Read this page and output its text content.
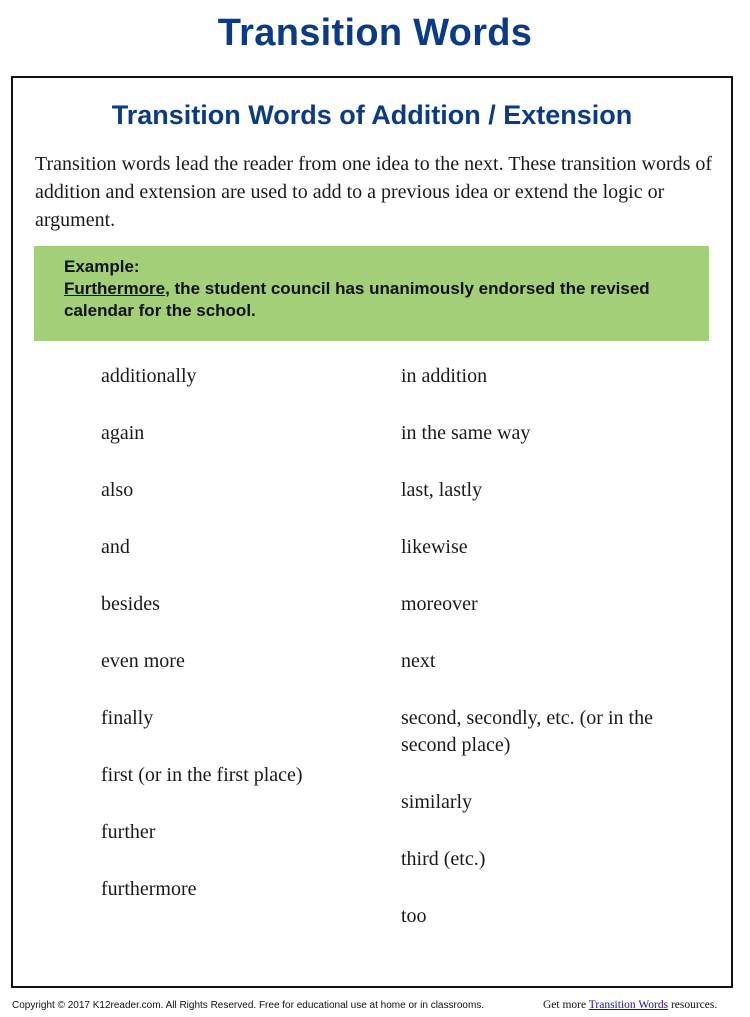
Transition Words
Transition Words of Addition / Extension

Transition words lead the reader from one idea to the next. These transition words of addition and extension are used to add to a previous idea or extend the logic or argument.

Example:
Furthermore, the student council has unanimously endorsed the revised calendar for the school.

additionally

again

also

and

besides

even more

finally

first (or in the first place)

further

furthermore

in addition

in the same way

last, lastly

likewise

moreover

next

second, secondly, etc. (or in the second place)

similarly

third (etc.)

too

Copyright © 2017 K12reader.com. All Rights Reserved. Free for educational use at home or in classrooms.	Get more Transition Words resources.
